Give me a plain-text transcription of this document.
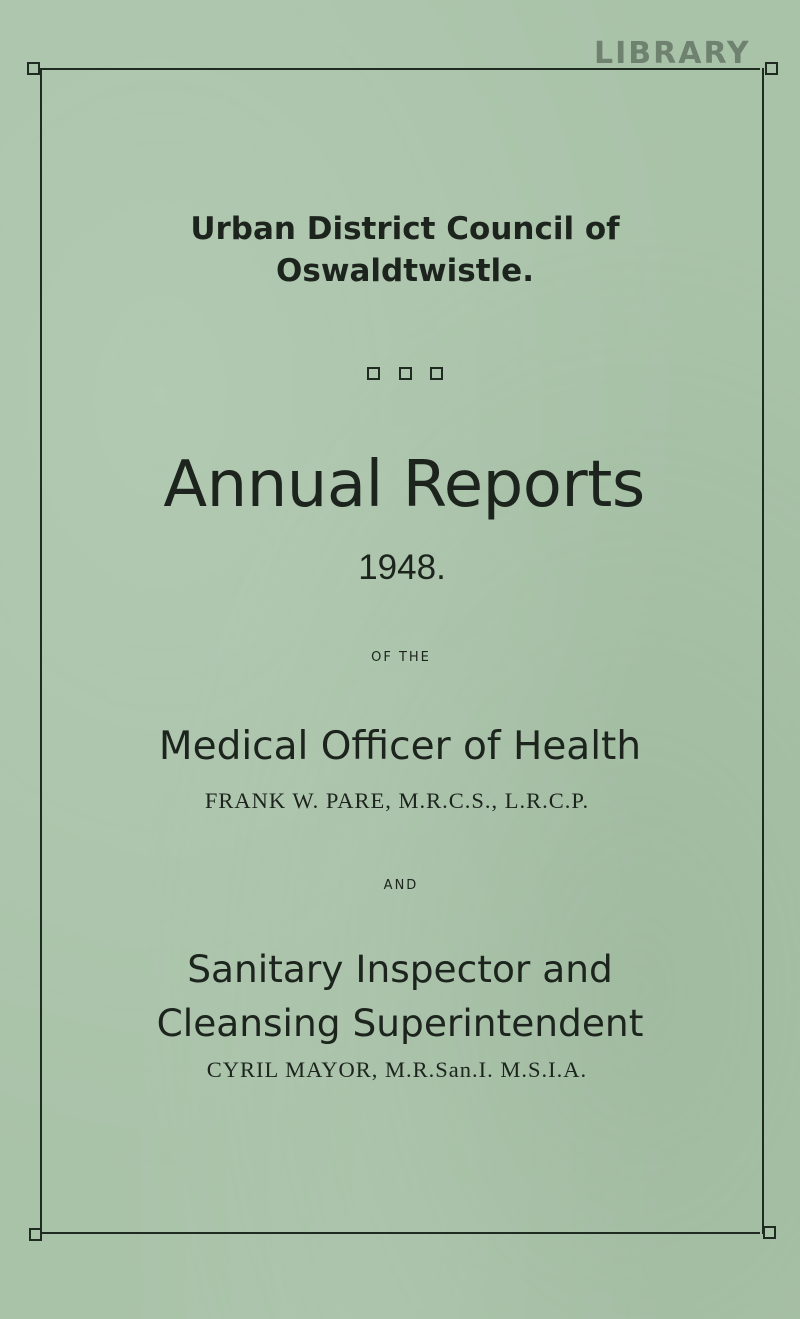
LIBRARY
Urban District Council of
Oswaldtwistle.
Annual Reports
1948.
OF THE
Medical Officer of Health
FRANK W. PARE, M.R.C.S., L.R.C.P.
AND
Sanitary Inspector and
Cleansing Superintendent
CYRIL MAYOR, M.R.San.I. M.S.I.A.
